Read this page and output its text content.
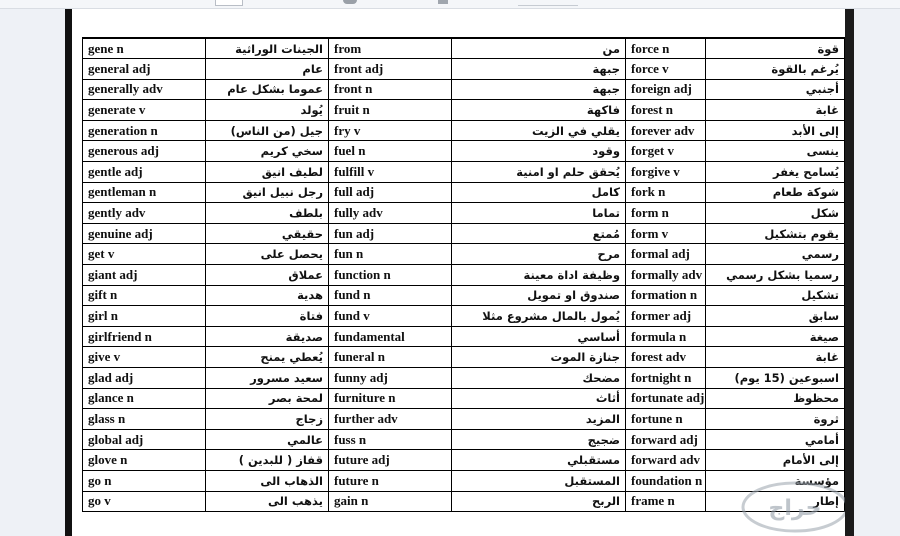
gene n	الجينات الوراثية	from	من	force n	قوة
general adj	عام	front adj	جبهة	force v	يُرغم بالقوة
generally adv	عموما بشكل عام	front n	جبهة	foreign adj	أجنبي
generate v	يُولد	fruit n	فاكهة	forest n	غابة
generation n	جيل (من الناس)	fry v	يقلي في الزيت	forever adv	إلى الأبد
generous adj	سخي كريم	fuel n	وقود	forget v	ينسى
gentle adj	لطيف انيق	fulfill v	يُحقق حلم او امنية	forgive v	يُسامح يغفر
gentleman n	رجل نبيل انيق	full adj	كامل	fork n	شوكة طعام
gently adv	بلطف	fully adv	تماما	form n	شكل
genuine adj	حقيقي	fun adj	مُمتع	form v	يقوم بتشكيل
get v	يحصل على	fun n	مرح	formal adj	رسمي
giant adj	عملاق	function n	وظيفة اداة معينة	formally adv	رسميا بشكل رسمي
gift n	هدية	fund n	صندوق او تمويل	formation n	تشكيل
girl n	فتاة	fund v	يُمول بالمال مشروع مثلا	former adj	سابق
girlfriend n	صديقة	fundamental	أساسي	formula n	صيغة
give v	يُعطي يمنح	funeral n	جنازة الموت	forest adv	غابة
glad adj	سعيد مسرور	funny adj	مضحك	fortnight n	اسبوعين (15 يوم)
glance n	لمحة بصر	furniture n	أثاث	fortunate adj	محظوظ
glass n	زجاج	further adv	المزيد	fortune n	ثروة
global adj	عالمي	fuss n	ضجيج	forward adj	أمامي
glove n	قفاز ( للبدين )	future adj	مستقبلي	forward adv	إلى الأمام
go n	الذهاب الى	future n	المستقبل	foundation n	مؤسسة
go v	يذهب الى	gain n	الربح	frame n	إطار
حراج
